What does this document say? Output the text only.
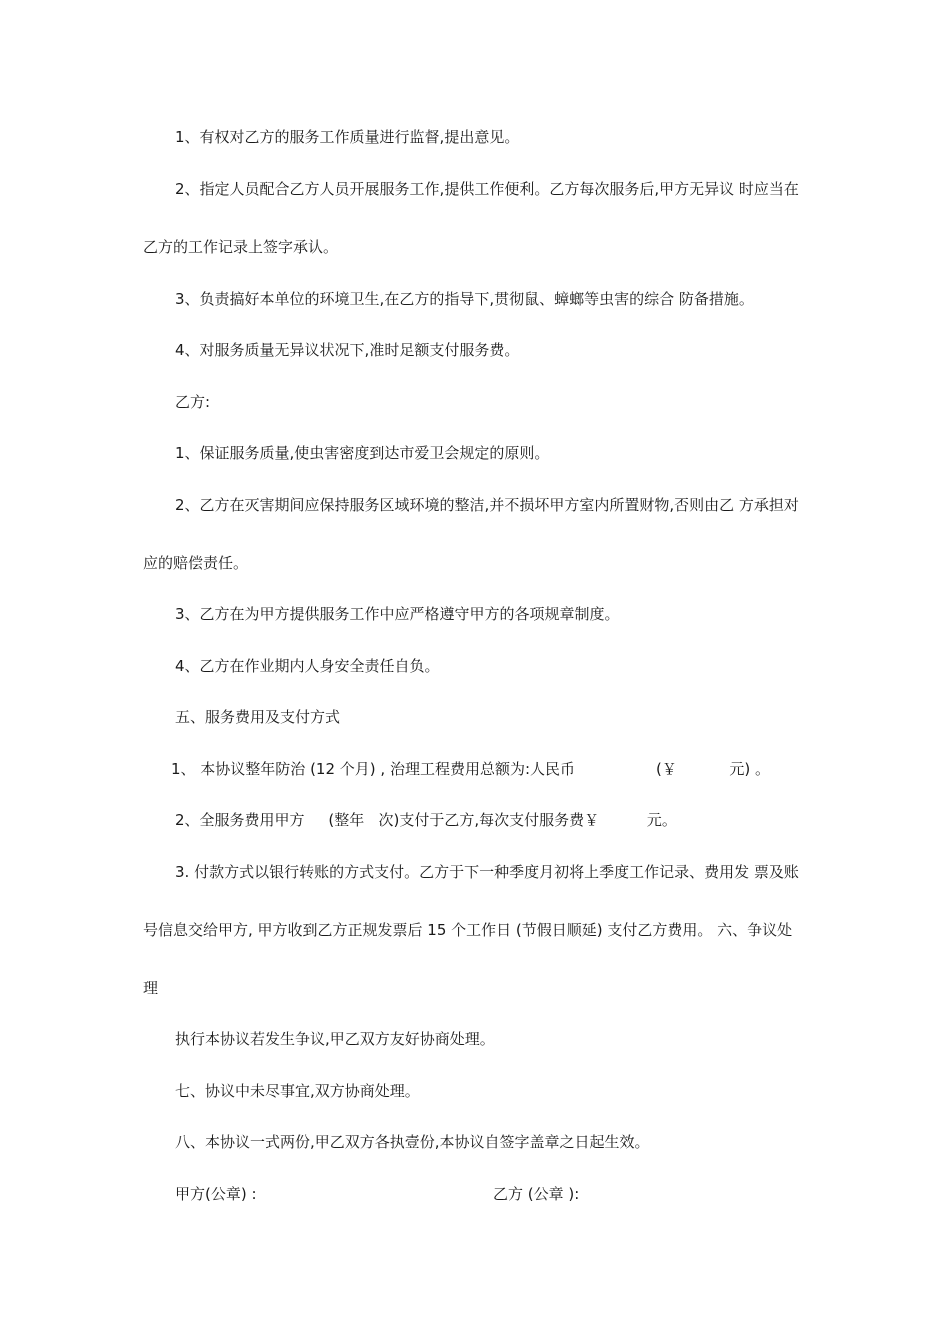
1、有权对乙方的服务工作质量进行监督,提出意见。
2、指定人员配合乙方人员开展服务工作,提供工作便利。乙方每次服务后,甲方无异议 时应当在
乙方的工作记录上签字承认。
3、负责搞好本单位的环境卫生,在乙方的指导下,贯彻鼠、蟑螂等虫害的综合 防备措施。
4、对服务质量无异议状况下,准时足额支付服务费。
乙方:
1、保证服务质量,使虫害密度到达市爱卫会规定的原则。
2、乙方在灭害期间应保持服务区域环境的整洁,并不损坏甲方室内所置财物,否则由乙 方承担对
应的赔偿责任。
3、乙方在为甲方提供服务工作中应严格遵守甲方的各项规章制度。
4、乙方在作业期内人身安全责任自负。
五、服务费用及支付方式
1、 本协议整年防治 (12 个月) , 治理工程费用总额为:人民币                 (￥           元) 。
2、全服务费用甲方     (整年   次)支付于乙方,每次支付服务费￥          元。
3. 付款方式以银行转账的方式支付。乙方于下一种季度月初将上季度工作记录、费用发 票及账
号信息交给甲方, 甲方收到乙方正规发票后 15 个工作日 (节假日顺延) 支付乙方费用。 六、争议处
理
执行本协议若发生争议,甲乙双方友好协商处理。
七、协议中未尽事宜,双方协商处理。
八、本协议一式两份,甲乙双方各执壹份,本协议自签字盖章之日起生效。
甲方(公章) :	乙方 (公章 ):
